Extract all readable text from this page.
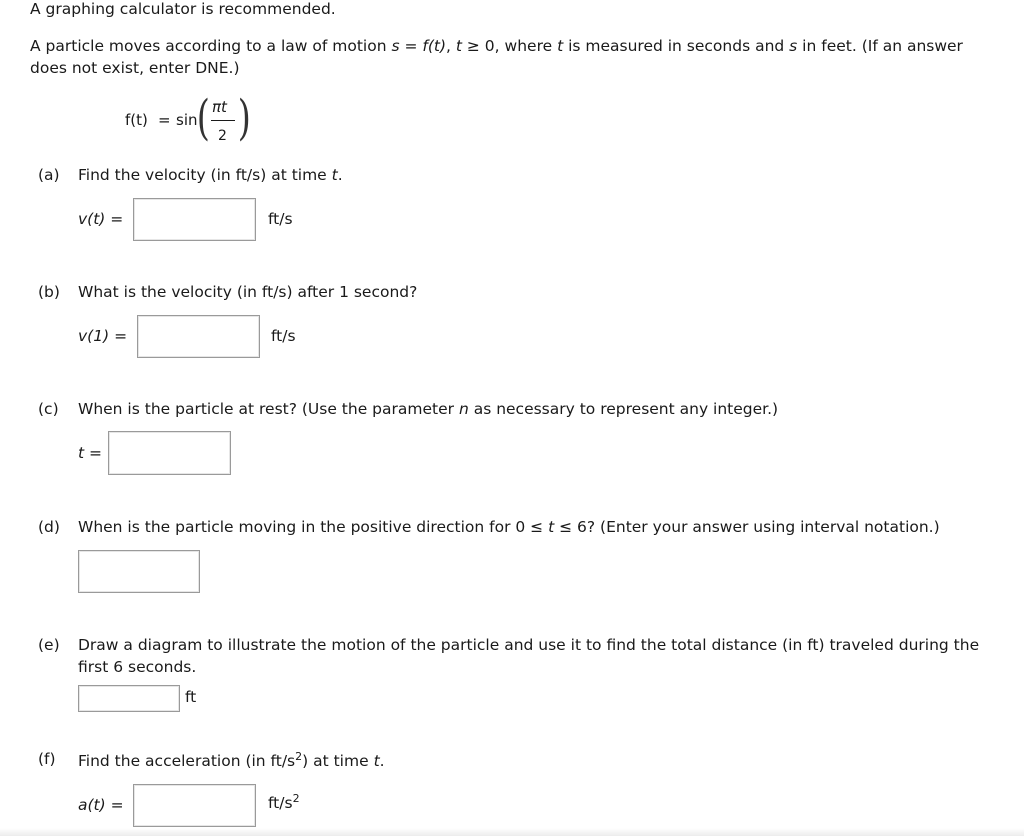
A graphing calculator is recommended.
A particle moves according to a law of motion s = f(t), t ≥ 0, where t is measured in seconds and s in feet. (If an answer
does not exist, enter DNE.)
f(t) = sin ( πt
2 )
(a) Find the velocity (in ft/s) at time t.
v(t) =	ft/s
(b) What is the velocity (in ft/s) after 1 second?
v(1) =	ft/s
(c) When is the particle at rest? (Use the parameter n as necessary to represent any integer.)
t =
(d) When is the particle moving in the positive direction for 0 ≤ t ≤ 6? (Enter your answer using interval notation.)
(e) Draw a diagram to illustrate the motion of the particle and use it to find the total distance (in ft) traveled during the
first 6 seconds.
ft
(f) Find the acceleration (in $ft/s^2$) at time t.
a(t) =	$ft/s^2$
